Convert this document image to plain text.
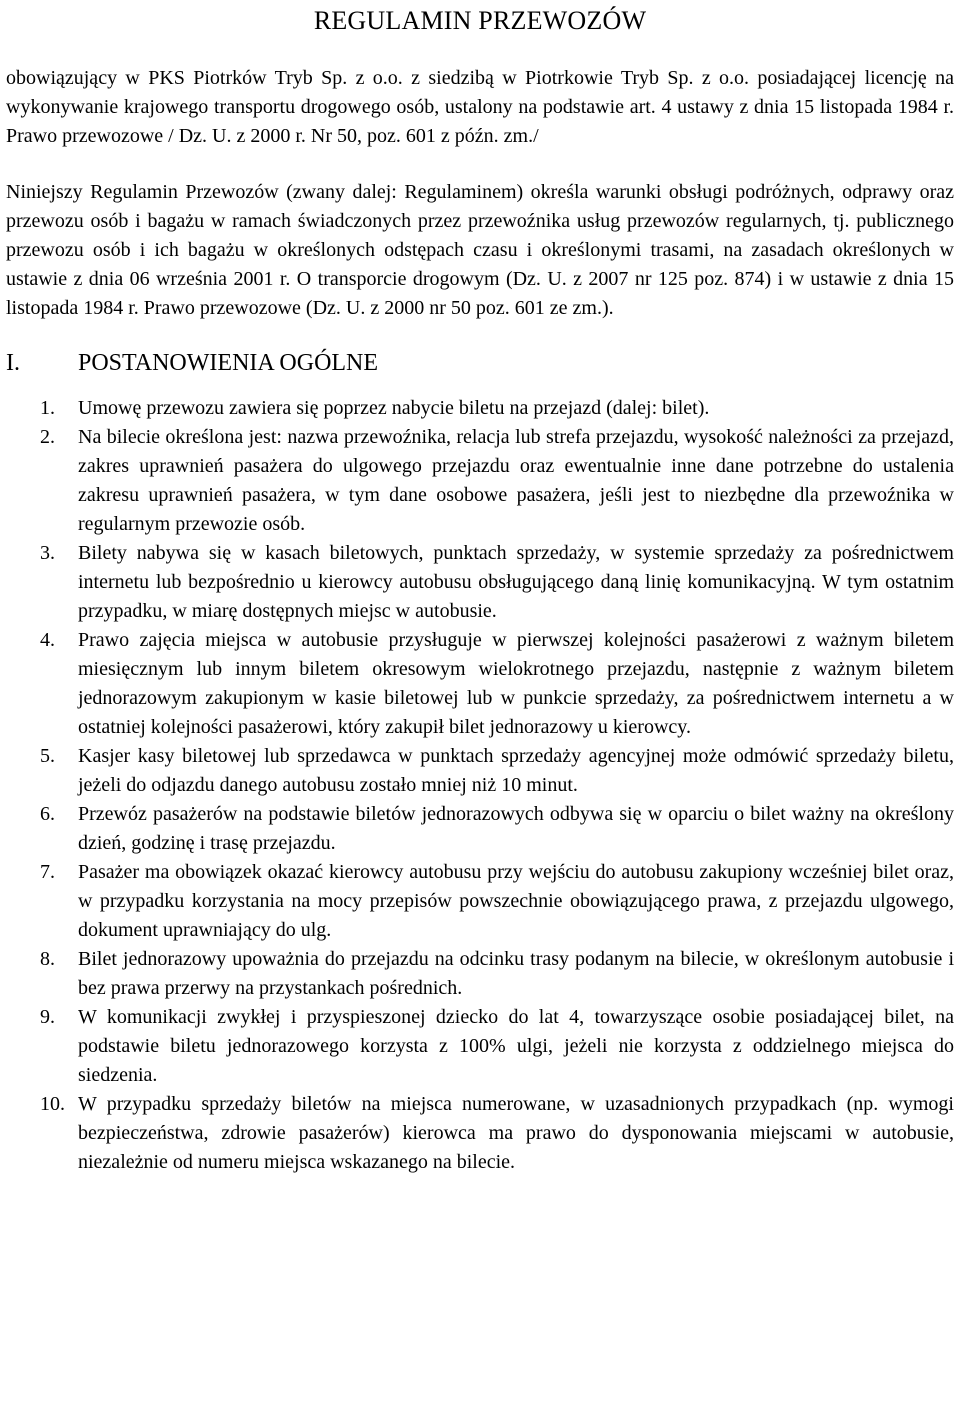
REGULAMIN PRZEWOZÓW

obowiązujący w PKS Piotrków Tryb Sp. z o.o. z siedzibą w Piotrkowie Tryb Sp. z o.o. posiadającej licencję na wykonywanie krajowego transportu drogowego osób, ustalony na podstawie art. 4 ustawy z dnia 15 listopada 1984 r. Prawo przewozowe / Dz. U. z 2000 r. Nr 50, poz. 601 z późn. zm./

Niniejszy Regulamin Przewozów (zwany dalej: Regulaminem) określa warunki obsługi podróżnych, odprawy oraz przewozu osób i bagażu w ramach świadczonych przez przewoźnika usług przewozów regularnych, tj. publicznego przewozu osób i ich bagażu w określonych odstępach czasu i określonymi trasami, na zasadach określonych w ustawie z dnia 06 września 2001 r. O transporcie drogowym (Dz. U. z 2007 nr 125 poz. 874) i w ustawie z dnia 15 listopada 1984 r. Prawo przewozowe (Dz. U. z 2000 nr 50 poz. 601 ze zm.).

I.	POSTANOWIENIA OGÓLNE
1.	Umowę przewozu zawiera się poprzez nabycie biletu na przejazd (dalej: bilet).
2.	Na bilecie określona jest: nazwa przewoźnika, relacja lub strefa przejazdu, wysokość należności za przejazd, zakres uprawnień pasażera do ulgowego przejazdu oraz ewentualnie inne dane potrzebne do ustalenia zakresu uprawnień pasażera, w tym dane osobowe pasażera, jeśli jest to niezbędne dla przewoźnika w regularnym przewozie osób.
3.	Bilety nabywa się w kasach biletowych, punktach sprzedaży, w systemie sprzedaży za pośrednictwem internetu lub bezpośrednio u kierowcy autobusu obsługującego daną linię komunikacyjną. W tym ostatnim przypadku, w miarę dostępnych miejsc w autobusie.
4.	Prawo zajęcia miejsca w autobusie przysługuje w pierwszej kolejności pasażerowi z ważnym biletem miesięcznym lub innym biletem okresowym wielokrotnego przejazdu, następnie z ważnym biletem jednorazowym zakupionym w kasie biletowej lub w punkcie sprzedaży, za pośrednictwem internetu a w ostatniej kolejności pasażerowi, który zakupił bilet jednorazowy u kierowcy.
5.	Kasjer kasy biletowej lub sprzedawca w punktach sprzedaży agencyjnej może odmówić sprzedaży biletu, jeżeli do odjazdu danego autobusu zostało mniej niż 10 minut.
6.	Przewóz pasażerów na podstawie biletów jednorazowych odbywa się w oparciu o bilet ważny na określony dzień, godzinę i trasę przejazdu.
7.	Pasażer ma obowiązek okazać kierowcy autobusu przy wejściu do autobusu zakupiony wcześniej bilet oraz, w przypadku korzystania na mocy przepisów powszechnie obowiązującego prawa, z przejazdu ulgowego, dokument uprawniający do ulg.
8.	Bilet jednorazowy upoważnia do przejazdu na odcinku trasy podanym na bilecie, w określonym autobusie i bez prawa przerwy na przystankach pośrednich.
9.	W komunikacji zwykłej i przyspieszonej dziecko do lat 4, towarzyszące osobie posiadającej bilet, na podstawie biletu jednorazowego korzysta z 100% ulgi, jeżeli nie korzysta z oddzielnego miejsca do siedzenia.
10. W przypadku sprzedaży biletów na miejsca numerowane, w uzasadnionych przypadkach (np. wymogi bezpieczeństwa, zdrowie pasażerów) kierowca ma prawo do dysponowania miejscami w autobusie, niezależnie od numeru miejsca wskazanego na bilecie.
